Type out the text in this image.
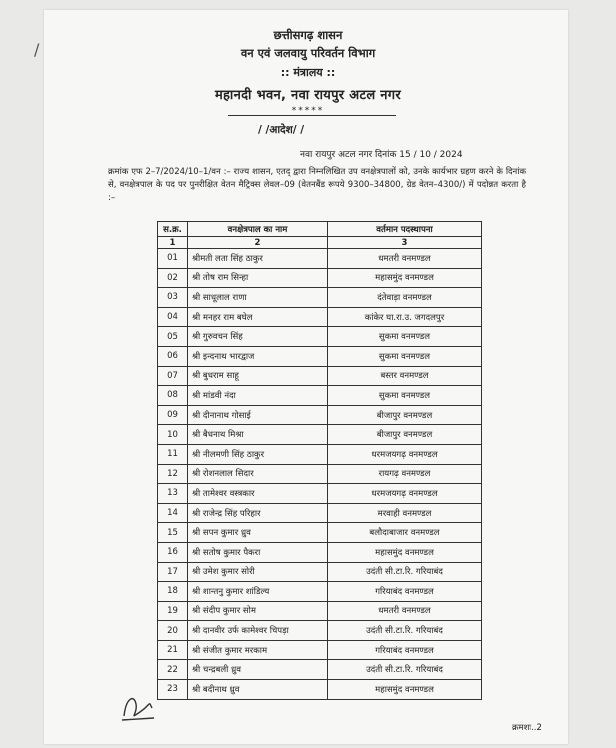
/
छत्तीसगढ़ शासन
वन एवं जलवायु परिवर्तन विभाग
:: मंत्रालय ::
महानदी भवन, नवा रायपुर अटल नगर
*****
/ /आदेश/ /
नवा रायपुर अटल नगर दिनांक 15 / 10 / 2024
क्रमांक एफ 2–7/2024/10–1/वन :– राज्य शासन, एतद् द्वारा निम्नलिखित उप वनक्षेत्रपालों को, उनके कार्यभार ग्रहण करने के दिनांक से, वनक्षेत्रपाल के पद पर पुनरीक्षित वेतन मैट्रिक्स लेवल–09 (वेतनबैंड रूपये 9300–34800, ग्रेड वेतन–4300/) में पदोन्नत करता है :–
स.क्र.	वनक्षेत्रपाल का नाम	वर्तमान पदस्थापना
1	2	3
01	श्रीमती लता सिंह ठाकुर	धमतरी वनमण्डल
02	श्री तोष राम सिन्हा	महासमुंद वनमण्डल
03	श्री साधूलाल राणा	दंतेवाड़ा वनमण्डल
04	श्री मनहर राम बघेल	कांकेर घा.रा.उ. जगदलपुर
05	श्री गुरुवचन सिंह	सुकमा वनमण्डल
06	श्री इन्दनाथ भारद्वाज	सुकमा वनमण्डल
07	श्री बुधराम साहू	बस्तर वनमण्डल
08	श्री मांडवी नंदा	सुकमा वनमण्डल
09	श्री दीनानाथ गोसाई	बीजापुर वनमण्डल
10	श्री बैधनाथ मिश्रा	बीजापुर वनमण्डल
11	श्री नीलमणी सिंह ठाकुर	धरमजयगढ़ वनमण्डल
12	श्री रोशनलाल सिदार	रायगढ़ वनमण्डल
13	श्री तामेश्वर वस्त्रकार	धरमजयगढ़ वनमण्डल
14	श्री राजेन्द्र सिंह परिहार	मरवाही वनमण्डल
15	श्री सपन कुमार ध्रुव	बलौदाबाजार वनमण्डल
16	श्री सतोष कुमार पैकरा	महासमुंद वनमण्डल
17	श्री उमेश कुमार सोरी	उदंती सी.टा.रि. गरियाबंद
18	श्री शान्तनु कुमार शांडिल्य	गरियाबंद वनमण्डल
19	श्री संदीप कुमार सोम	धमतरी वनमण्डल
20	श्री दानवीर उर्फ कामेश्वर चिपड़ा	उदंती सी.टा.रि. गरियाबंद
21	श्री संजीत कुमार मरकाम	गरियाबंद वनमण्डल
22	श्री चन्द्रबली ध्रुव	उदंती सी.टा.रि. गरियाबंद
23	श्री बदीनाथ ध्रुव	महासमुंद वनमण्डल
क्रमशः..2
